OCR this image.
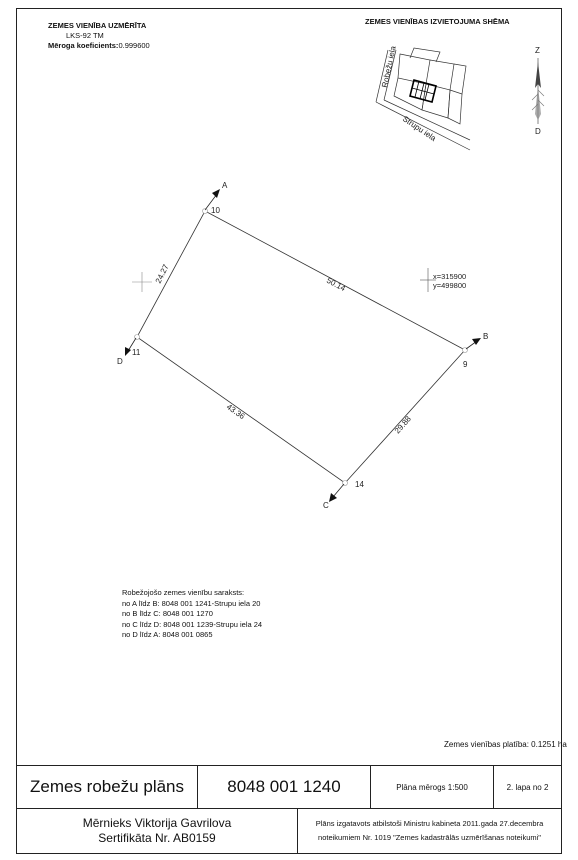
ZEMES VIENĪBA UZMĒRĪTA
LKS-92 TM
Mēroga koeficients:0.999600
ZEMES VIENĪBAS IZVIETOJUMA SHĒMA
Robežu iela
Strupu iela
Z
D
x=315900
y=499800
10
9
14
11
A
B
C
D
50.14
29.88
43.36
24.27
Robežojošo zemes vienību saraksts:
no A līdz B: 8048 001 1241-Strupu iela 20
no B līdz C: 8048 001 1270
no C līdz D: 8048 001 1239-Strupu iela 24
no D līdz A: 8048 001 0865
Zemes vienības platība: 0.1251 ha
Zemes robežu plāns	8048 001 1240	Plāna mērogs 1:500	2. lapa no 2
Mērnieks Viktorija Gavrilova
Sertifikāta Nr. AB0159
Plāns izgatavots atbilstoši Ministru kabineta 2011.gada 27.decembra
noteikumiem Nr. 1019 "Zemes kadastrālās uzmērīšanas noteikumi"
